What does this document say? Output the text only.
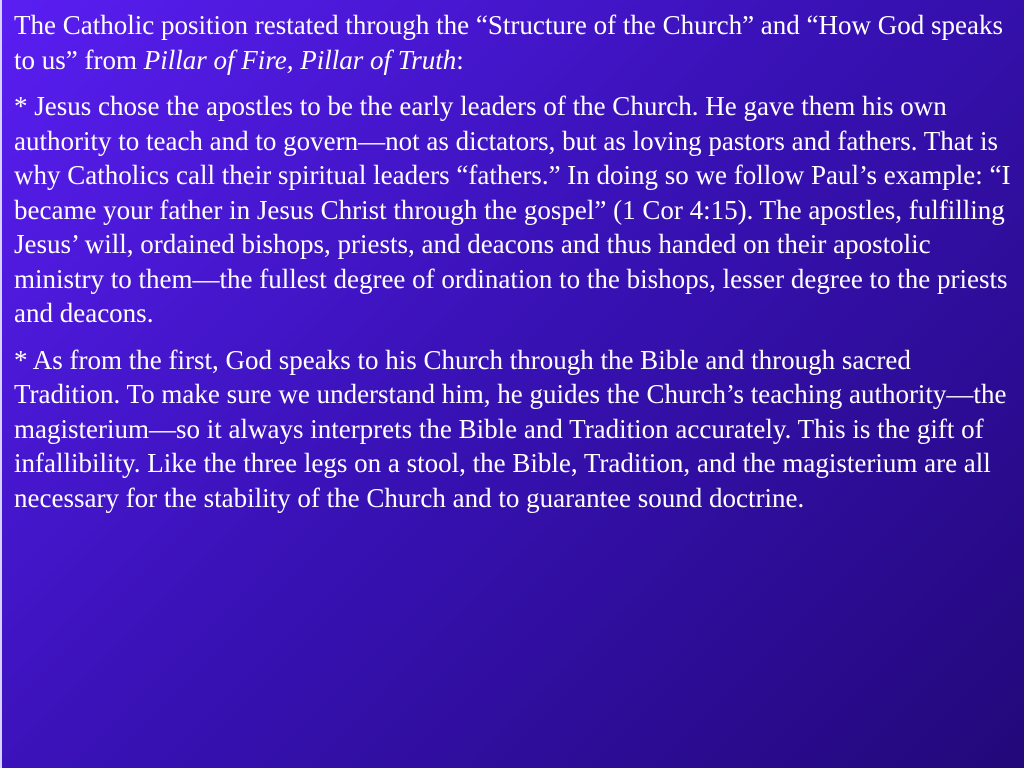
The Catholic position restated through the “Structure of the Church” and “How God speaks to us” from Pillar of Fire, Pillar of Truth:

* Jesus chose the apostles to be the early leaders of the Church. He gave them his own authority to teach and to govern—not as dictators, but as loving pastors and fathers. That is why Catholics call their spiritual leaders “fathers.” In doing so we follow Paul’s example: “I became your father in Jesus Christ through the gospel” (1 Cor 4:15). The apostles, fulfilling Jesus’ will, ordained bishops, priests, and deacons and thus handed on their apostolic ministry to them—the fullest degree of ordination to the bishops, lesser degree to the priests and deacons.

* As from the first, God speaks to his Church through the Bible and through sacred Tradition. To make sure we understand him, he guides the Church’s teaching authority—the magisterium—so it always interprets the Bible and Tradition accurately. This is the gift of infallibility. Like the three legs on a stool, the Bible, Tradition, and the magisterium are all necessary for the stability of the Church and to guarantee sound doctrine.
